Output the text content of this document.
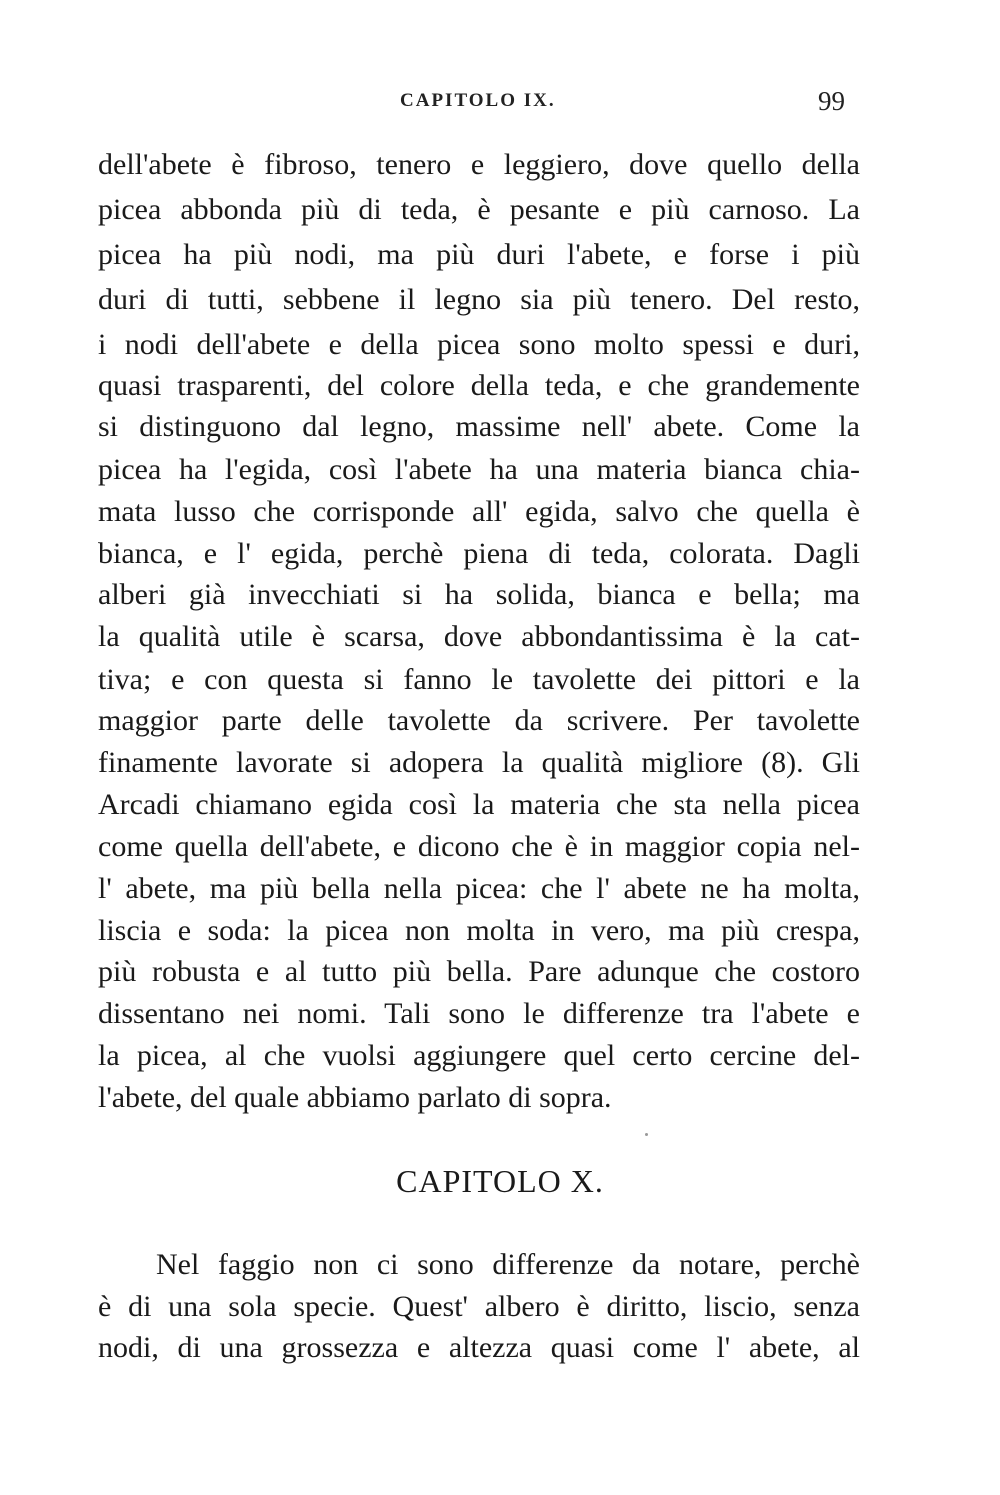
CAPITOLO IX.	99
dell'abete è fibroso, tenero e leggiero, dove quello della
picea abbonda più di teda, è pesante e più carnoso. La
picea ha più nodi, ma più duri l'abete, e forse i più
duri di tutti, sebbene il legno sia più tenero. Del resto,
i nodi dell'abete e della picea sono molto spessi e duri,
quasi trasparenti, del colore della teda, e che grandemente
si distinguono dal legno, massime nell' abete. Come la
picea ha l'egida, così l'abete ha una materia bianca chia-
mata lusso che corrisponde all' egida, salvo che quella è
bianca, e l' egida, perchè piena di teda, colorata. Dagli
alberi già invecchiati si ha solida, bianca e bella; ma
la qualità utile è scarsa, dove abbondantissima è la cat-
tiva; e con questa si fanno le tavolette dei pittori e la
maggior parte delle tavolette da scrivere. Per tavolette
finamente lavorate si adopera la qualità migliore (8). Gli
Arcadi chiamano egida così la materia che sta nella picea
come quella dell'abete, e dicono che è in maggior copia nel-
l' abete, ma più bella nella picea: che l' abete ne ha molta,
liscia e soda: la picea non molta in vero, ma più crespa,
più robusta e al tutto più bella. Pare adunque che costoro
dissentano nei nomi. Tali sono le differenze tra l'abete e
la picea, al che vuolsi aggiungere quel certo cercine del-
l'abete, del quale abbiamo parlato di sopra.
CAPITOLO X.
Nel faggio non ci sono differenze da notare, perchè
è di una sola specie. Quest' albero è diritto, liscio, senza
nodi, di una grossezza e altezza quasi come l' abete, al
